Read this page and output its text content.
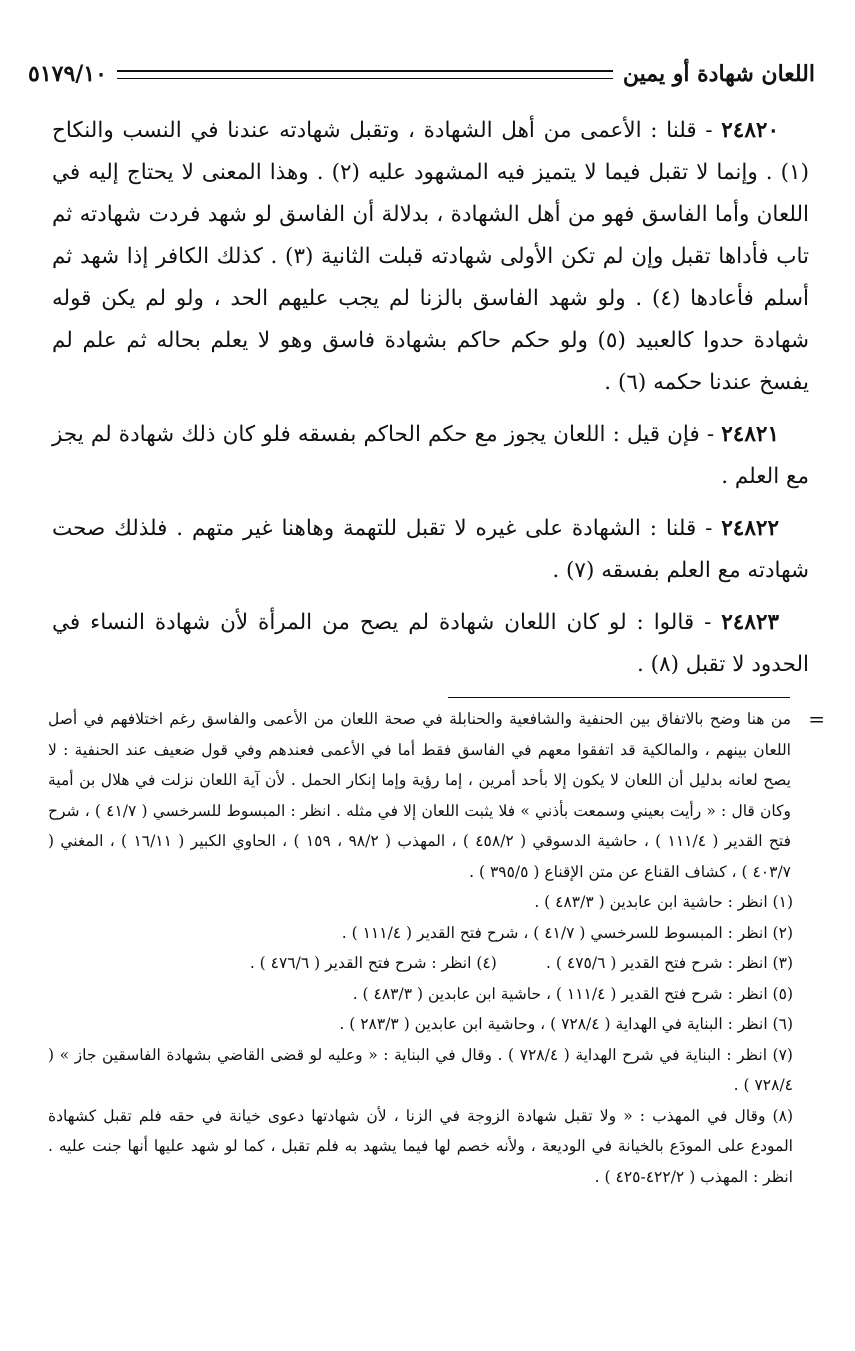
اللعان شهادة أو يمين
٥١٧٩/١٠

٢٤٨٢٠ - قلنا : الأعمى من أهل الشهادة ، وتقبل شهادته عندنا في النسب والنكاح (١) . وإنما لا تقبل فيما لا يتميز فيه المشهود عليه (٢) . وهذا المعنى لا يحتاج إليه في اللعان وأما الفاسق فهو من أهل الشهادة ، بدلالة أن الفاسق لو شهد فردت شهادته ثم تاب فأداها تقبل وإن لم تكن الأولى شهادته قبلت الثانية (٣) . كذلك الكافر إذا شهد ثم أسلم فأعادها (٤) . ولو شهد الفاسق بالزنا لم يجب عليهم الحد ، ولو لم يكن قوله شهادة حدوا كالعبيد (٥) ولو حكم حاكم بشهادة فاسق وهو لا يعلم بحاله ثم علم لم يفسخ عندنا حكمه (٦) .

٢٤٨٢١ - فإن قيل : اللعان يجوز مع حكم الحاكم بفسقه فلو كان ذلك شهادة لم يجز مع العلم .

٢٤٨٢٢ - قلنا : الشهادة على غيره لا تقبل للتهمة وهاهنا غير متهم . فلذلك صحت شهادته مع العلم بفسقه (٧) .

٢٤٨٢٣ - قالوا : لو كان اللعان شهادة لم يصح من المرأة لأن شهادة النساء في الحدود لا تقبل (٨) .

=
من هنا وضح بالاتفاق بين الحنفية والشافعية والحنابلة في صحة اللعان من الأعمى والفاسق رغم اختلافهم في أصل اللعان بينهم ، والمالكية قد اتفقوا معهم في الفاسق فقط أما في الأعمى فعندهم وفي قول ضعيف عند الحنفية : لا يصح لعانه بدليل أن اللعان لا يكون إلا بأحد أمرين ، إما رؤية وإما إنكار الحمل . لأن آية اللعان نزلت في هلال بن أمية وكان قال : « رأيت بعيني وسمعت بأذني » فلا يثبت اللعان إلا في مثله . انظر : المبسوط للسرخسي ( ٤١/٧ ) ، شرح فتح القدير ( ١١١/٤ ) ، حاشية الدسوقي ( ٤٥٨/٢ ) ، المهذب ( ٩٨/٢ ، ١٥٩ ) ، الحاوي الكبير ( ١٦/١١ ) ، المغني ( ٤٠٣/٧ ) ، كشاف القناع عن متن الإقناع ( ٣٩٥/٥ ) .

(١) انظر : حاشية ابن عابدين ( ٤٨٣/٣ ) .

(٢) انظر : المبسوط للسرخسي ( ٤١/٧ ) ، شرح فتح القدير ( ١١١/٤ ) .

(٣) انظر : شرح فتح القدير ( ٤٧٥/٦ ) .          (٤) انظر : شرح فتح القدير ( ٤٧٦/٦ ) .

(٥) انظر : شرح فتح القدير ( ١١١/٤ ) ، حاشية ابن عابدين ( ٤٨٣/٣ ) .

(٦) انظر : البناية في الهداية ( ٧٢٨/٤ ) ، وحاشية ابن عابدين ( ٢٨٣/٣ ) .

(٧) انظر : البناية في شرح الهداية ( ٧٢٨/٤ ) . وقال في البناية : « وعليه لو قضى القاضي بشهادة الفاسقين جاز » ( ٧٢٨/٤ ) .

(٨) وقال في المهذب : « ولا تقبل شهادة الزوجة في الزنا ، لأن شهادتها دعوى خيانة في حقه فلم تقبل كشهادة المودع على المودَع بالخيانة في الوديعة ، ولأنه خصم لها فيما يشهد به فلم تقبل ، كما لو شهد عليها أنها جنت عليه . انظر : المهذب ( ٤٢٢/٢-٤٢٥ ) .
